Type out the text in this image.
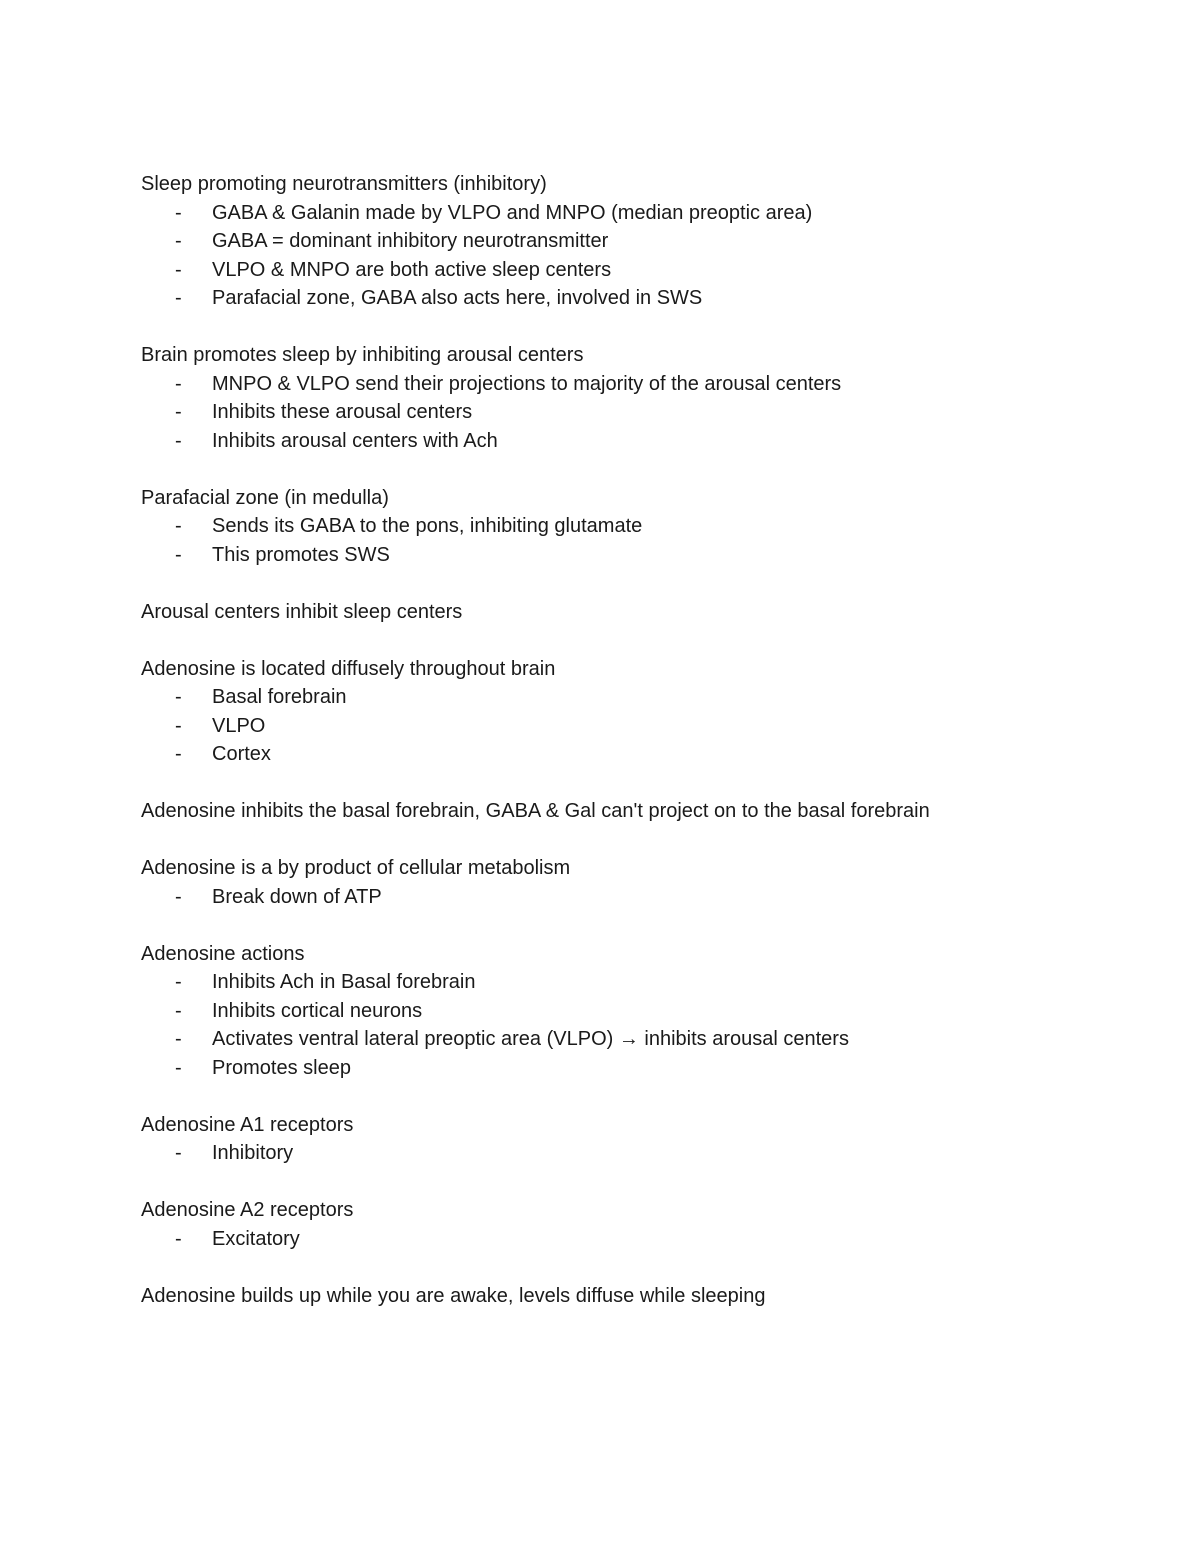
Sleep promoting neurotransmitters (inhibitory)
- GABA & Galanin made by VLPO and MNPO (median preoptic area)
- GABA = dominant inhibitory neurotransmitter
- VLPO & MNPO are both active sleep centers
- Parafacial zone, GABA also acts here, involved in SWS
Brain promotes sleep by inhibiting arousal centers
- MNPO & VLPO send their projections to majority of the arousal centers
- Inhibits these arousal centers
- Inhibits arousal centers with Ach
Parafacial zone (in medulla)
- Sends its GABA to the pons, inhibiting glutamate
- This promotes SWS
Arousal centers inhibit sleep centers
Adenosine is located diffusely throughout brain
- Basal forebrain
- VLPO
- Cortex
Adenosine inhibits the basal forebrain, GABA & Gal can't project on to the basal forebrain
Adenosine is a by product of cellular metabolism
- Break down of ATP
Adenosine actions
- Inhibits Ach in Basal forebrain
- Inhibits cortical neurons
- Activates ventral lateral preoptic area (VLPO) → inhibits arousal centers
- Promotes sleep
Adenosine A1 receptors
- Inhibitory
Adenosine A2 receptors
- Excitatory
Adenosine builds up while you are awake, levels diffuse while sleeping
